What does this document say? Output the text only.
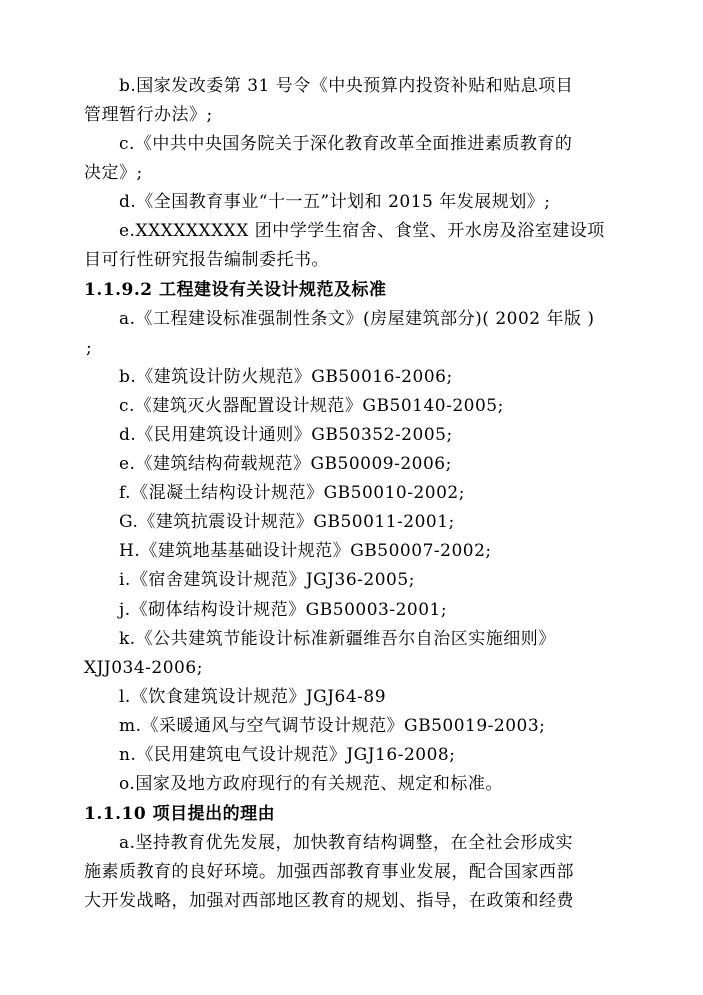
b.国家发改委第 31 号令《中央预算内投资补贴和贴息项目
管理暂行办法》;
c.《中共中央国务院关于深化教育改革全面推进素质教育的
决定》;
d.《全国教育事业“十一五”计划和 2015 年发展规划》;
e.XXXXXXXXX 团中学学生宿舍、食堂、开水房及浴室建设项
目可行性研究报告编制委托书。
1.1.9.2 工程建设有关设计规范及标准
a.《工程建设标准强制性条文》(房屋建筑部分)( 2002 年版 )
;
b.《建筑设计防火规范》GB50016-2006;
c.《建筑灭火器配置设计规范》GB50140-2005;
d.《民用建筑设计通则》GB50352-2005;
e.《建筑结构荷载规范》GB50009-2006;
f.《混凝土结构设计规范》GB50010-2002;
G.《建筑抗震设计规范》GB50011-2001;
H.《建筑地基基础设计规范》GB50007-2002;
i.《宿舍建筑设计规范》JGJ36-2005;
j.《砌体结构设计规范》GB50003-2001;
k.《公共建筑节能设计标准新疆维吾尔自治区实施细则》
XJJ034-2006;
l.《饮食建筑设计规范》JGJ64-89
m.《采暖通风与空气调节设计规范》GB50019-2003;
n.《民用建筑电气设计规范》JGJ16-2008;
o.国家及地方政府现行的有关规范、规定和标准。
1.1.10 项目提出的理由
a.坚持教育优先发展，加快教育结构调整，在全社会形成实
施素质教育的良好环境。加强西部教育事业发展，配合国家西部
大开发战略，加强对西部地区教育的规划、指导，在政策和经费
